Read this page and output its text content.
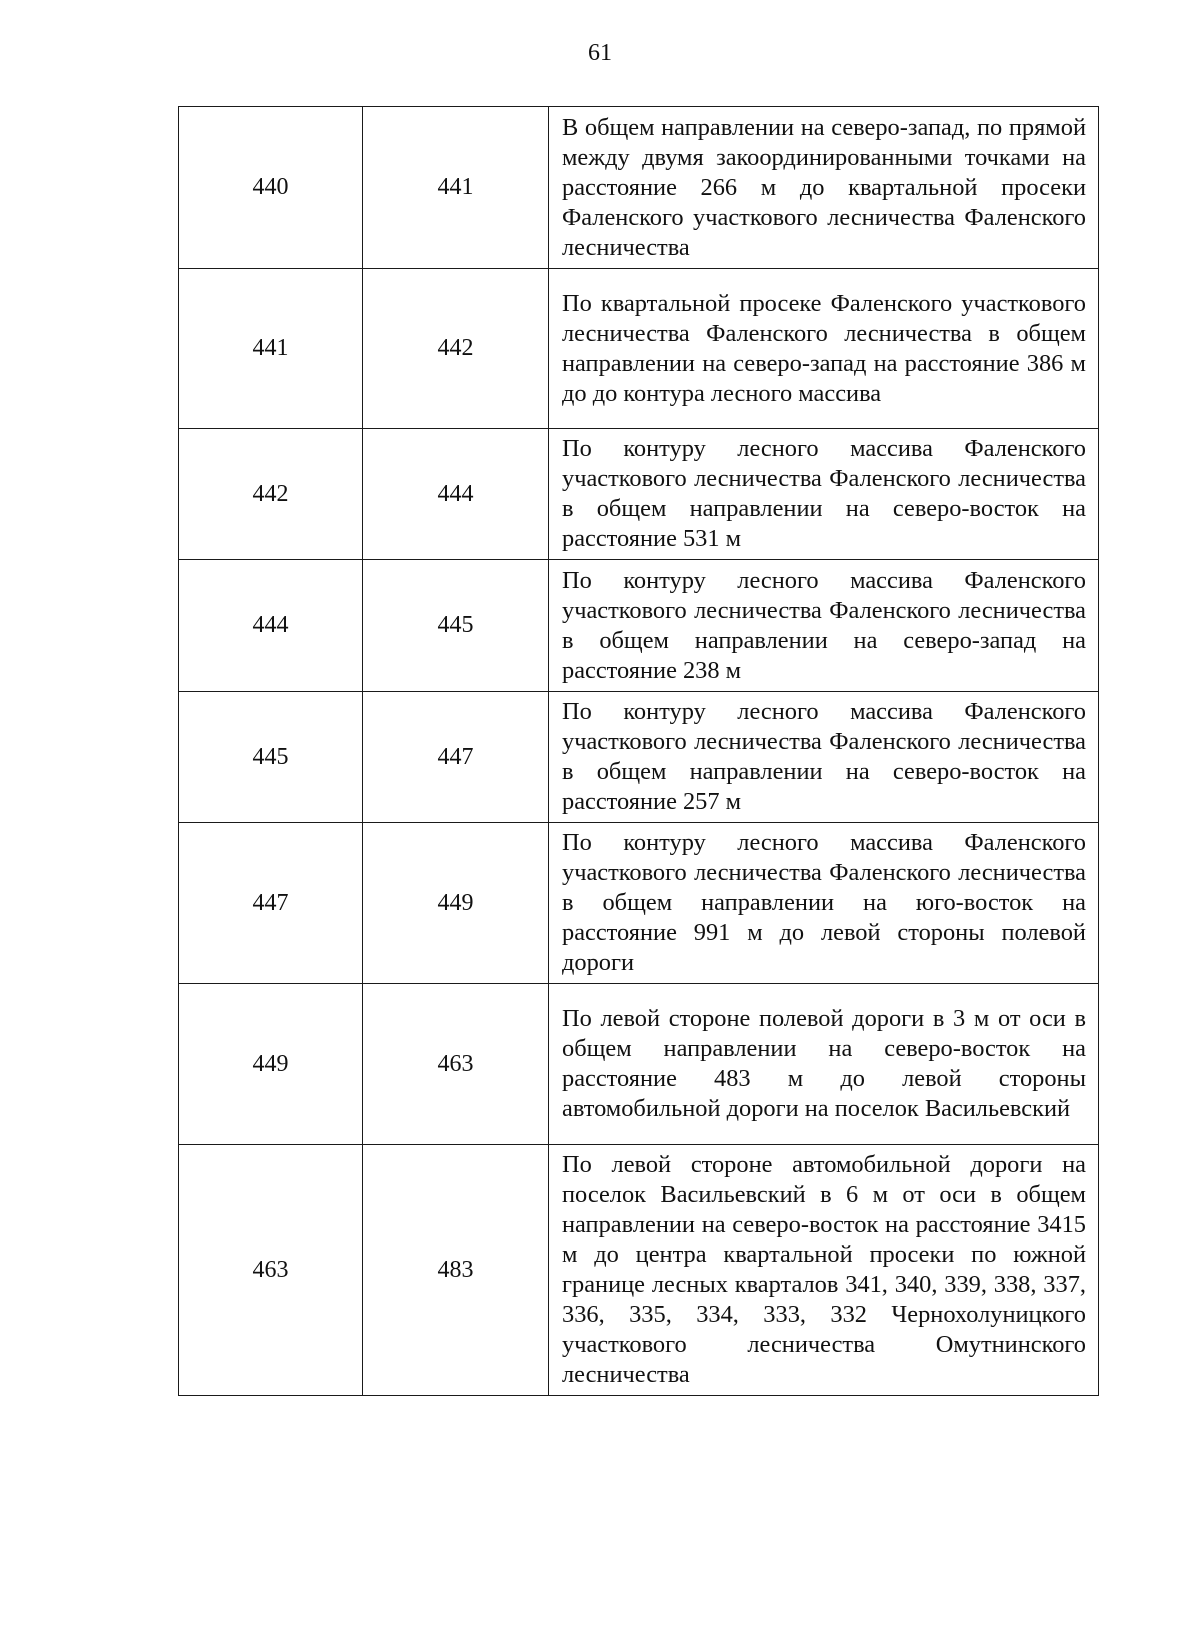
61
440	441	В общем направлении на северо-запад, по прямой между двумя закоординированными точками на расстояние 266 м до квартальной просеки Фаленского участкового лесничества Фаленского лесничества
441	442	По квартальной просеке Фаленского участкового лесничества Фаленского лесничества в общем направлении на северо-запад на расстояние 386 м до до контура лесного массива
442	444	По контуру лесного массива Фаленского участкового лесничества Фаленского лесничества в общем направлении на северо-восток на расстояние 531 м
444	445	По контуру лесного массива Фаленского участкового лесничества Фаленского лесничества в общем направлении на северо-запад на расстояние 238 м
445	447	По контуру лесного массива Фаленского участкового лесничества Фаленского лесничества в общем направлении на северо-восток на расстояние 257 м
447	449	По контуру лесного массива Фаленского участкового лесничества Фаленского лесничества в общем направлении на юго-восток на расстояние 991 м до левой стороны полевой дороги
449	463	По левой стороне полевой дороги в 3 м от оси в общем направлении на северо-восток на расстояние 483 м до левой стороны автомобильной дороги на поселок Васильевский
463	483	По левой стороне автомобильной дороги на поселок Васильевский в 6 м от оси в общем направлении на северо-восток на расстояние 3415 м до центра квартальной просеки по южной границе лесных кварталов 341, 340, 339, 338, 337, 336, 335, 334, 333, 332 Чернохолуницкого участкового лесничества Омутнинского лесничества
